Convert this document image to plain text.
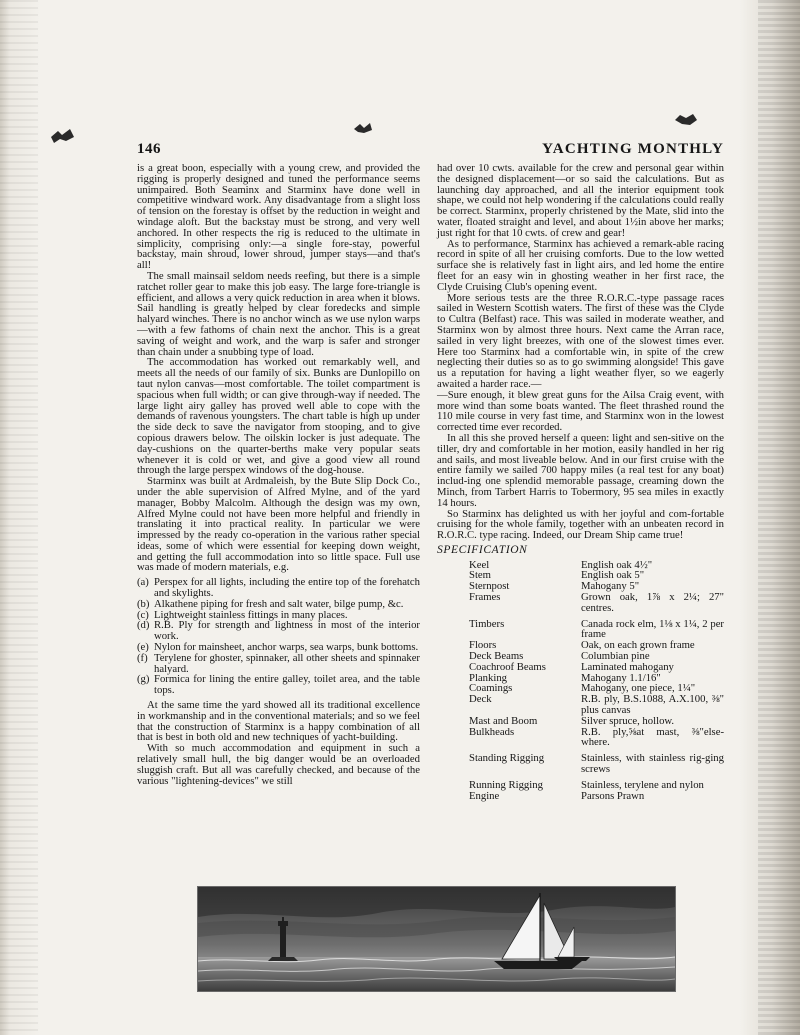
146	YACHTING MONTHLY

is a great boon, especially with a young crew, and provided the rigging is properly designed and tuned the performance seems unimpaired. Both Seaminx and Starminx have done well in competitive windward work. Any disadvantage from a slight loss of tension on the forestay is offset by the reduction in weight and windage aloft. But the backstay must be strong, and very well anchored. In other respects the rig is reduced to the ultimate in simplicity, comprising only:—a single fore-stay, powerful backstay, main shroud, lower shroud, jumper stays—and that's all!

The small mainsail seldom needs reefing, but there is a simple ratchet roller gear to make this job easy. The large fore-triangle is efficient, and allows a very quick reduction in area when it blows. Sail handling is greatly helped by clear foredecks and simple halyard winches. There is no anchor winch as we use nylon warps—with a few fathoms of chain next the anchor. This is a great saving of weight and work, and the warp is safer and stronger than chain under a snubbing type of load.

The accommodation has worked out remarkably well, and meets all the needs of our family of six. Bunks are Dunlopillo on taut nylon canvas—most comfortable. The toilet compartment is spacious when full width; or can give through-way if needed. The large light airy galley has proved well able to cope with the demands of ravenous youngsters. The chart table is high up under the side deck to save the navigator from stooping, and to give copious drawers below. The oilskin locker is just adequate. The day-cushions on the quarter-berths make very popular seats whenever it is cold or wet, and give a good view all round through the large perspex windows of the dog-house.

Starminx was built at Ardmaleish, by the Bute Slip Dock Co., under the able supervision of Alfred Mylne, and of the yard manager, Bobby Malcolm. Although the design was my own, Alfred Mylne could not have been more helpful and friendly in translating it into practical reality. In particular we were impressed by the ready co-operation in the various rather special ideas, some of which were essential for keeping down weight, and getting the full accommodation into so little space. Full use was made of modern materials, e.g.

(a) Perspex for all lights, including the entire top of the forehatch and skylights.
(b) Alkathene piping for fresh and salt water, bilge pump, &c.
(c) Lightweight stainless fittings in many places.
(d) R.B. Ply for strength and lightness in most of the interior work.
(e) Nylon for mainsheet, anchor warps, sea warps, bunk bottoms.
(f) Terylene for ghoster, spinnaker, all other sheets and spinnaker halyard.
(g) Formica for lining the entire galley, toilet area, and the table tops.

At the same time the yard showed all its traditional excellence in workmanship and in the conventional materials; and so we feel that the construction of Starminx is a happy combination of all that is best in both old and new techniques of yacht-building.

With so much accommodation and equipment in such a relatively small hull, the big danger would be an overloaded sluggish craft. But all was carefully checked, and because of the various "lightening-devices" we still

had over 10 cwts. available for the crew and personal gear within the designed displacement—or so said the calculations. But as launching day approached, and all the interior equipment took shape, we could not help wondering if the calculations could really be correct. Starminx, properly christened by the Mate, slid into the water, floated straight and level, and about 1½in above her marks; just right for that 10 cwts. of crew and gear!

As to performance, Starminx has achieved a remark-able racing record in spite of all her cruising comforts. Due to the low wetted surface she is relatively fast in light airs, and led home the entire fleet for an easy win in ghosting weather in her first race, the Clyde Cruising Club's opening event.

More serious tests are the three R.O.R.C.-type passage races sailed in Western Scottish waters. The first of these was the Clyde to Cultra (Belfast) race. This was sailed in moderate weather, and Starminx won by almost three hours. Next came the Arran race, sailed in very light breezes, with one of the slowest times ever. Here too Starminx had a comfortable win, in spite of the crew neglecting their duties so as to go swimming alongside! This gave us a reputation for having a light weather flyer, so we eagerly awaited a harder race.—

—Sure enough, it blew great guns for the Ailsa Craig event, with more wind than some boats wanted. The fleet thrashed round the 110 mile course in very fast time, and Starminx won in the lowest corrected time ever recorded.

In all this she proved herself a queen: light and sen-sitive on the tiller, dry and comfortable in her motion, easily handled in her rig and sails, and most liveable below. And in our first cruise with the entire family we sailed 700 happy miles (a real test for any boat) includ-ing one splendid memorable passage, creaming down the Minch, from Tarbert Harris to Tobermory, 95 sea miles in exactly 14 hours.

So Starminx has delighted us with her joyful and com-fortable cruising for the whole family, together with an unbeaten record in R.O.R.C. type racing. Indeed, our Dream Ship came true!

SPECIFICATION
Keel	English oak 4½"
Stem	English oak 5"
Sternpost	Mahogany 5"
Frames	Grown oak, 1⅞ x 2¼; 27" centres.
Timbers	Canada rock elm, 1⅛ x 1¼, 2 per frame
Floors	Oak, on each grown frame
Deck Beams	Columbian pine
Coachroof Beams	Laminated mahogany
Planking	Mahogany 1.1/16"
Coamings	Mahogany, one piece, 1¼"
Deck	R.B. ply, B.S.1088, A.X.100, ⅜" plus canvas
Mast and Boom	Silver spruce, hollow.
Bulkheads	R.B. ply,⅝at mast, ⅜"else-where.
Standing Rigging	Stainless, with stainless rig-ging screws
Running Rigging	Stainless, terylene and nylon
Engine	Parsons Prawn
